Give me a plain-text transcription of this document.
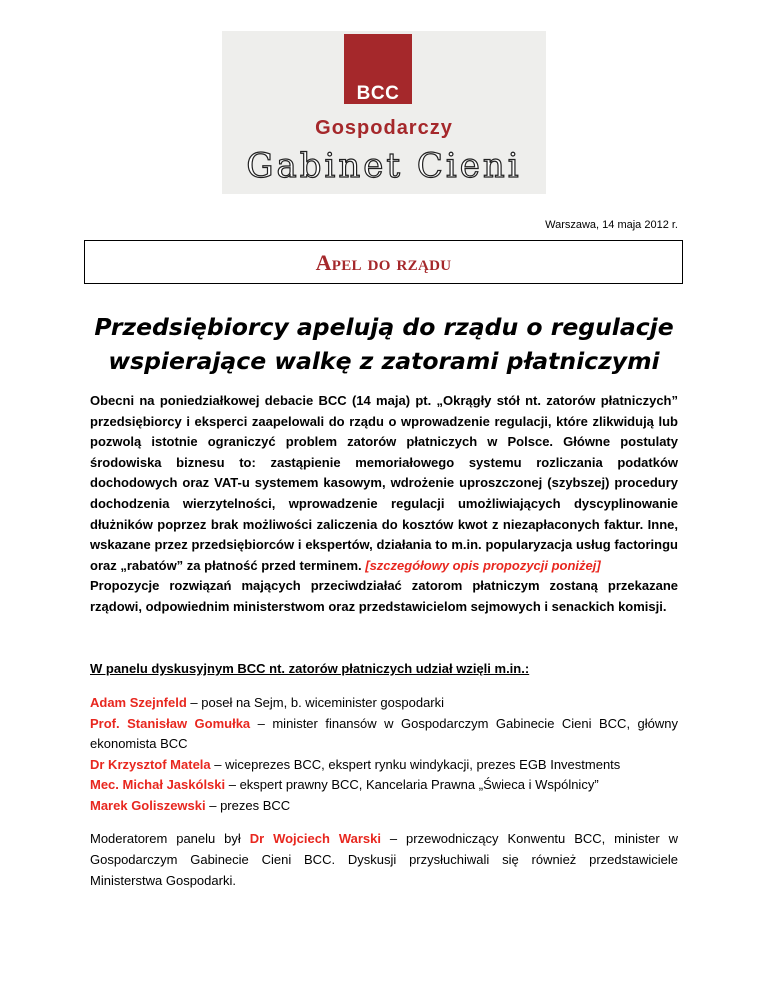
BCC
Gospodarczy
Gabinet Cieni
Warszawa, 14 maja 2012 r.
Apel do rządu
Przedsiębiorcy apelują do rządu o regulacje
wspierające walkę z zatorami płatniczymi
Obecni na poniedziałkowej debacie BCC (14 maja) pt. „Okrągły stół nt. zatorów płatniczych” przedsiębiorcy i eksperci zaapelowali do rządu o wprowadzenie regulacji, które zlikwidują lub pozwolą istotnie ograniczyć problem zatorów płatniczych w Polsce. Główne postulaty środowiska biznesu to: zastąpienie memoriałowego systemu rozliczania podatków dochodowych oraz VAT-u systemem kasowym, wdrożenie uproszczonej (szybszej) procedury dochodzenia wierzytelności, wprowadzenie regulacji umożliwiających dyscyplinowanie dłużników poprzez brak możliwości zaliczenia do kosztów kwot z niezapłaconych faktur. Inne, wskazane przez przedsiębiorców i ekspertów, działania to m.in. popularyzacja usług factoringu oraz „rabatów” za płatność przed terminem. [szczegółowy opis propozycji poniżej]
Propozycje rozwiązań mających przeciwdziałać zatorom płatniczym zostaną przekazane rządowi, odpowiednim ministerstwom oraz przedstawicielom sejmowych i senackich komisji.
W panelu dyskusyjnym BCC nt. zatorów płatniczych udział wzięli m.in.:

Adam Szejnfeld – poseł na Sejm, b. wiceminister gospodarki

Prof. Stanisław Gomułka – minister finansów w Gospodarczym Gabinecie Cieni BCC, główny ekonomista BCC

Dr Krzysztof Matela – wiceprezes BCC, ekspert rynku windykacji, prezes EGB Investments

Mec. Michał Jaskólski – ekspert prawny BCC, Kancelaria Prawna „Świeca i Wspólnicy”

Marek Goliszewski – prezes BCC

Moderatorem panelu był Dr Wojciech Warski – przewodniczący Konwentu BCC, minister w Gospodarczym Gabinecie Cieni BCC. Dyskusji przysłuchiwali się również przedstawiciele Ministerstwa Gospodarki.
